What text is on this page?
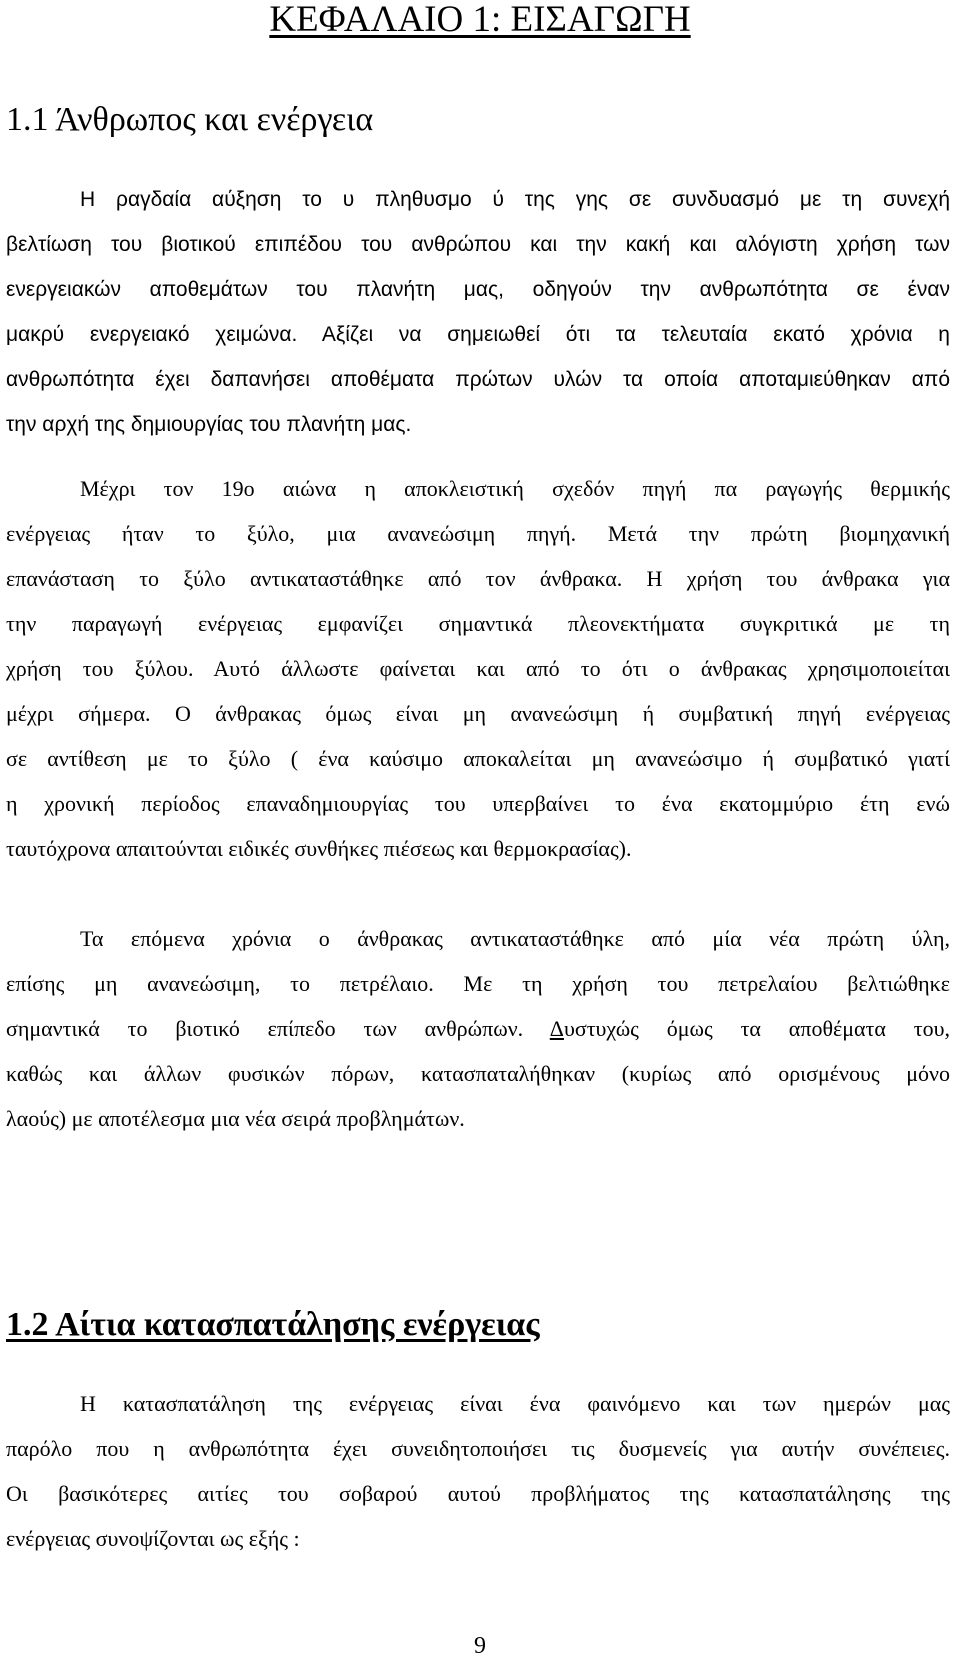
ΚΕΦΑΛΑΙΟ 1: ΕΙΣΑΓΩΓΗ
1.1 Άνθρωπος και ενέργεια
Η ραγδαία αύξηση το υ πληθυσμο ύ της γης σε συνδυασμό με τη συνεχή
βελτίωση του βιοτικού επιπέδου του ανθρώπου και την κακή και αλόγιστη χρήση των
ενεργειακών αποθεμάτων του πλανήτη μας, οδηγούν την ανθρωπότητα σε έναν
μακρύ ενεργειακό χειμώνα. Αξίζει να σημειωθεί ότι τα τελευταία εκατό χρόνια η
ανθρωπότητα έχει δαπανήσει αποθέματα πρώτων υλών τα οποία αποταμιεύθηκαν από
την αρχή της δημιουργίας του πλανήτη μας.
Μέχρι τον 19ο αιώνα η αποκλειστική σχεδόν πηγή πα ραγωγής θερμικής
ενέργειας ήταν το ξύλο, μια ανανεώσιμη πηγή. Μετά την πρώτη βιομηχανική
επανάσταση το ξύλο αντικαταστάθηκε από τον άνθρακα. Η χρήση του άνθρακα για
την παραγωγή ενέργειας εμφανίζει σημαντικά πλεονεκτήματα συγκριτικά με τη
χρήση του ξύλου. Αυτό άλλωστε φαίνεται και από το ότι ο άνθρακας χρησιμοποιείται
μέχρι σήμερα. Ο άνθρακας όμως είναι μη ανανεώσιμη ή συμβατική πηγή ενέργειας
σε αντίθεση με το ξύλο ( ένα καύσιμο αποκαλείται μη ανανεώσιμο ή συμβατικό γιατί
η χρονική περίοδος επαναδημιουργίας του υπερβαίνει το ένα εκατομμύριο έτη ενώ
ταυτόχρονα απαιτούνται ειδικές συνθήκες πιέσεως και θερμοκρασίας).
Τα επόμενα χρόνια ο άνθρακας αντικαταστάθηκε από μία νέα πρώτη ύλη,
επίσης μη ανανεώσιμη, το πετρέλαιο. Με τη χρήση του πετρελαίου βελτιώθηκε
σημαντικά το βιοτικό επίπεδο των ανθρώπων. Δυστυχώς όμως τα αποθέματα του,
καθώς και άλλων φυσικών πόρων, κατασπαταλήθηκαν (κυρίως από ορισμένους μόνο
λαούς) με αποτέλεσμα μια νέα σειρά προβλημάτων.
1.2 Αίτια κατασπατάλησης ενέργειας
Η κατασπατάληση της ενέργειας είναι ένα φαινόμενο και των ημερών μας
παρόλο που η ανθρωπότητα έχει συνειδητοποιήσει τις δυσμενείς για αυτήν συνέπειες.
Οι βασικότερες αιτίες του σοβαρού αυτού προβλήματος της κατασπατάλησης της
ενέργειας συνοψίζονται ως εξής :
9
